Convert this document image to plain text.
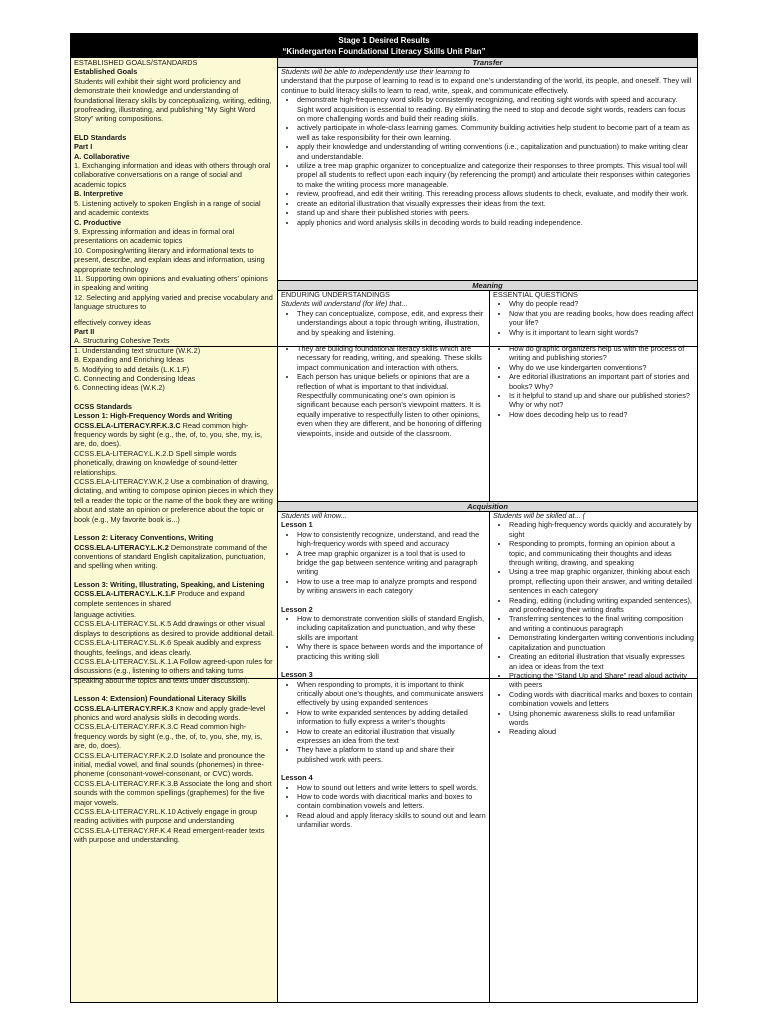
Stage 1 Desired Results
“Kindergarten Foundational Literacy Skills Unit Plan”
ESTABLISHED GOALS/STANDARDS
Established Goals
Students will exhibit their sight word proficiency and demonstrate their knowledge and understanding of foundational literacy skills by conceptualizing, writing, editing, proofreading, illustrating, and publishing “My Sight Word Story” writing compositions.
ELD Standards
Part I
A. Collaborative
1. Exchanging information and ideas with others through oral collaborative conversations on a range of social and academic topics
B. Interpretive
5. Listening actively to spoken English in a range of social and academic contexts
C. Productive
9. Expressing information and ideas in formal oral presentations on academic topics
10. Composing/writing literary and informational texts to present, describe, and explain ideas and information, using appropriate technology
11. Supporting own opinions and evaluating others’ opinions in speaking and writing
12. Selecting and applying varied and precise vocabulary and language structures to
effectively convey ideas
Part II
A. Structuring Cohesive Texts
1. Understanding text structure (W.K.2)
B. Expanding and Enriching Ideas
5. Modifying to add details (L.K.1.F)
C. Connecting and Condensing Ideas
6. Connecting ideas (W.K.2)
CCSS Standards
Lesson 1: High-Frequency Words and Writing
CCSS.ELA-LITERACY.RF.K.3.C Read common high-frequency words by sight (e.g., the, of, to, you, she, my, is, are, do, does).
CCSS.ELA-LITERACY.L.K.2.D Spell simple words phonetically, drawing on knowledge of sound-letter relationships.
CCSS.ELA-LITERACY.W.K.2 Use a combination of drawing, dictating, and writing to compose opinion pieces in which they tell a reader the topic or the name of the book they are writing about and state an opinion or preference about the topic or book (e.g., My favorite book is...)
Lesson 2: Literacy Conventions, Writing
CCSS.ELA-LITERACY.L.K.2 Demonstrate command of the conventions of standard English capitalization, punctuation, and spelling when writing.
Lesson 3: Writing, Illustrating, Speaking, and Listening
CCSS.ELA-LITERACY.L.K.1.F Produce and expand complete sentences in shared
language activities.
CCSS.ELA-LITERACY.SL.K.5 Add drawings or other visual displays to descriptions as desired to provide additional detail.
CCSS.ELA-LITERACY.SL.K.6 Speak audibly and express thoughts, feelings, and ideas clearly.
CCSS.ELA-LITERACY.SL.K.1.A Follow agreed-upon rules for discussions (e.g., listening to others and taking turns speaking about the topics and texts under discussion).
Lesson 4: Extension) Foundational Literacy Skills
CCSS.ELA-LITERACY.RF.K.3 Know and apply grade-level phonics and word analysis skills in decoding words.
CCSS.ELA-LITERACY.RF.K.3.C Read common high-frequency words by sight (e.g., the, of, to, you, she, my, is, are, do, does).
CCSS.ELA-LITERACY.RF.K.2.D Isolate and pronounce the initial, medial vowel, and final sounds (phonemes) in three-phoneme (consonant-vowel-consonant, or CVC) words.
CCSS.ELA-LITERACY.RF.K.3.B Associate the long and short sounds with the common spellings (graphemes) for the five major vowels.
CCSS.ELA-LITERACY.RL.K.10 Actively engage in group reading activities with purpose and understanding
CCSS.ELA-LITERACY.RF.K.4 Read emergent-reader texts with purpose and understanding.
Transfer
Students will be able to independently use their learning to
understand that the purpose of learning to read is to expand one’s understanding of the world, its people, and oneself. They will continue to build literacy skills to learn to read, write, speak, and communicate effectively.
• demonstrate high-frequency word skills by consistently recognizing, and reciting sight words with speed and accuracy. Sight word acquisition is essential to reading. By eliminating the need to stop and decode sight words, readers can focus on more challenging words and build their reading skills.
• actively participate in whole-class learning games. Community building activities help student to become part of a team as well as take responsibility for their own learning.
• apply their knowledge and understanding of writing conventions (i.e., capitalization and punctuation) to make writing clear and understandable.
• utilize a tree map graphic organizer to conceptualize and categorize their responses to three prompts. This visual tool will propel all students to reflect upon each inquiry (by referencing the prompt) and articulate their responses within categories to make the writing process more manageable.
• review, proofread, and edit their writing. This rereading process allows students to check, evaluate, and modify their work.
• create an editorial illustration that visually expresses their ideas from the text.
• stand up and share their published stories with peers.
• apply phonics and word analysis skills in decoding words to build reading independence.
Meaning
ENDURING UNDERSTANDINGS
Students will understand (for life) that...
• They can conceptualize, compose, edit, and express their understandings about a topic through writing, illustration, and by speaking and listening.
• They are building foundational literacy skills which are necessary for reading, writing, and speaking. These skills impact communication and interaction with others.
• Each person has unique beliefs or opinions that are a reflection of what is important to that individual. Respectfully communicating one’s own opinion is significant because each person’s viewpoint matters. It is equally imperative to respectfully listen to other opinions, even when they are different, and be honoring of differing viewpoints, inside and outside of the classroom.
ESSENTIAL QUESTIONS
• Why do people read?
• Now that you are reading books, how does reading affect your life?
• Why is it important to learn sight words?
• How do graphic organizers help us with the process of writing and publishing stories?
• Why do we use kindergarten conventions?
• Are editorial illustrations an important part of stories and books? Why?
• Is it helpful to stand up and share our published stories? Why or why not?
• How does decoding help us to read?
Acquisition
Students will know...
Lesson 1
• How to consistently recognize, understand, and read the high-frequency words with speed and accuracy
• A tree map graphic organizer is a tool that is used to bridge the gap between sentence writing and paragraph writing
• How to use a tree map to analyze prompts and respond by writing answers in each category
Lesson 2
• How to demonstrate convention skills of standard English, including capitalization and punctuation, and why these skills are important
• Why there is space between words and the importance of practicing this writing skill
Lesson 3
• When responding to prompts, it is important to think critically about one’s thoughts, and communicate answers effectively by using expanded sentences
• How to write expanded sentences by adding detailed information to fully express a writer’s thoughts
• How to create an editorial illustration that visually expresses an idea from the text
• They have a platform to stand up and share their published work with peers.
Lesson 4
• How to sound out letters and write letters to spell words.
• How to code words with diacritical marks and boxes to contain combination vowels and letters.
• Read aloud and apply literacy skills to sound out and learn unfamiliar words.
Students will be skilled at... (
• Reading high-frequency words quickly and accurately by sight
• Responding to prompts, forming an opinion about a topic, and communicating their thoughts and ideas through writing, drawing, and speaking
• Using a tree map graphic organizer, thinking about each prompt, reflecting upon their answer, and writing detailed sentences in each category
• Reading, editing (including writing expanded sentences), and proofreading their writing drafts
• Transferring sentences to the final writing composition and writing a continuous paragraph
• Demonstrating kindergarten writing conventions including capitalization and punctuation
• Creating an editorial illustration that visually expresses an idea or ideas from the text
• Practicing the “Stand Up and Share” read aloud activity with peers
• Coding words with diacritical marks and boxes to contain combination vowels and letters
• Using phonemic awareness skills to read unfamiliar words
• Reading aloud
